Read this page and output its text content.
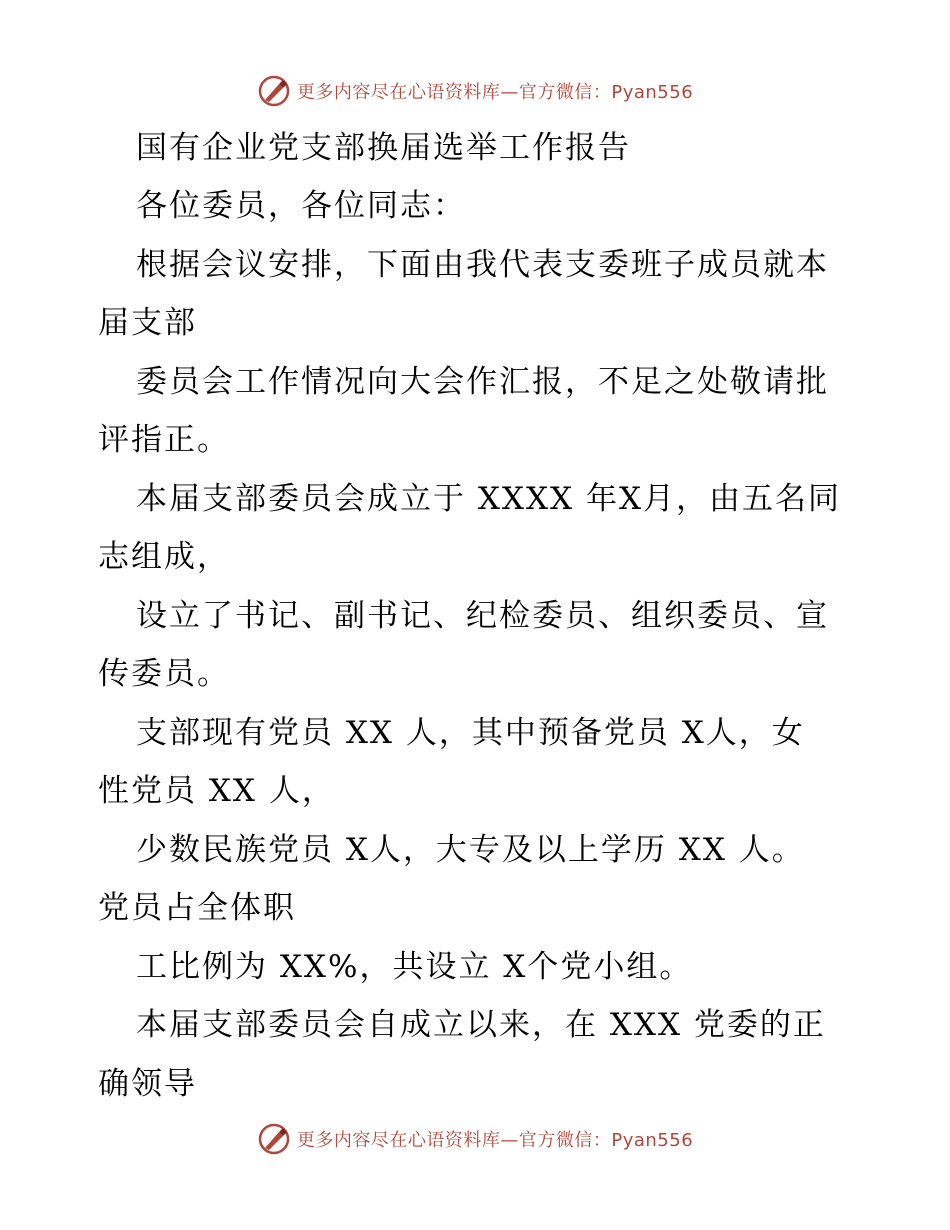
更多内容尽在心语资料库—官方微信：Pyan556
国有企业党支部换届选举工作报告
各位委员，各位同志：
根据会议安排，下面由我代表支委班子成员就本
届支部
委员会工作情况向大会作汇报，不足之处敬请批
评指正。
本届支部委员会成立于 XXXX 年X月，由五名同
志组成，
设立了书记、副书记、纪检委员、组织委员、宣
传委员。
支部现有党员 XX 人，其中预备党员 X人，女
性党员 XX 人，
少数民族党员 X人，大专及以上学历 XX 人。
党员占全体职
工比例为 XX%，共设立 X个党小组。
本届支部委员会自成立以来，在 XXX 党委的正
确领导
更多内容尽在心语资料库—官方微信：Pyan556
